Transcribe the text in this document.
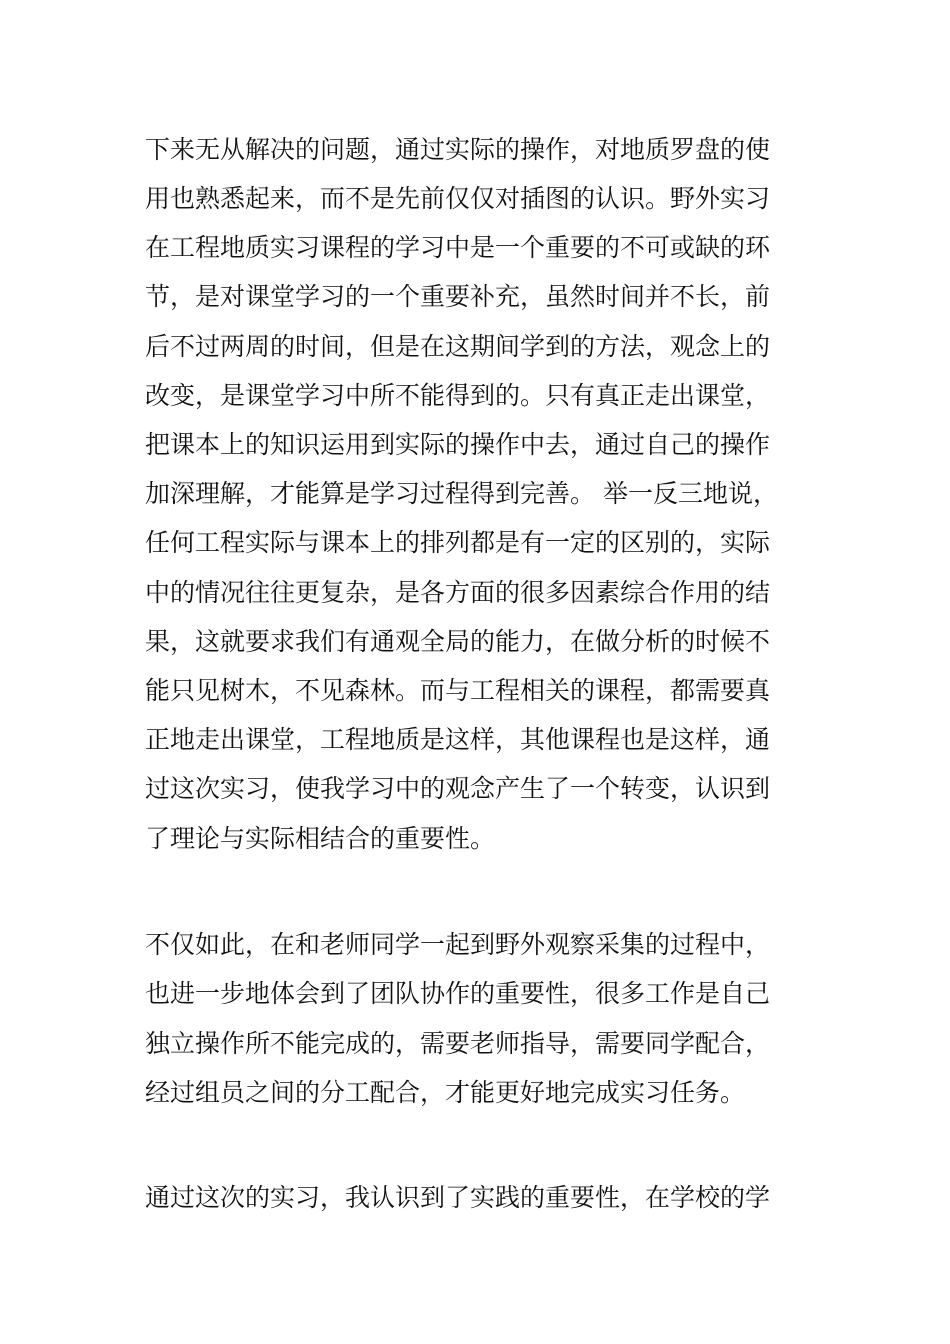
下来无从解决的问题，通过实际的操作，对地质罗盘的使
用也熟悉起来，而不是先前仅仅对插图的认识。野外实习
在工程地质实习课程的学习中是一个重要的不可或缺的环
节，是对课堂学习的一个重要补充，虽然时间并不长，前
后不过两周的时间，但是在这期间学到的方法，观念上的
改变，是课堂学习中所不能得到的。只有真正走出课堂，
把课本上的知识运用到实际的操作中去，通过自己的操作
加深理解，才能算是学习过程得到完善。 举一反三地说，
任何工程实际与课本上的排列都是有一定的区别的，实际
中的情况往往更复杂，是各方面的很多因素综合作用的结
果，这就要求我们有通观全局的能力，在做分析的时候不
能只见树木，不见森林。而与工程相关的课程，都需要真
正地走出课堂，工程地质是这样，其他课程也是这样，通
过这次实习，使我学习中的观念产生了一个转变，认识到
了理论与实际相结合的重要性。
不仅如此，在和老师同学一起到野外观察采集的过程中，
也进一步地体会到了团队协作的重要性，很多工作是自己
独立操作所不能完成的，需要老师指导，需要同学配合，
经过组员之间的分工配合，才能更好地完成实习任务。
通过这次的实习，我认识到了实践的重要性，在学校的学
